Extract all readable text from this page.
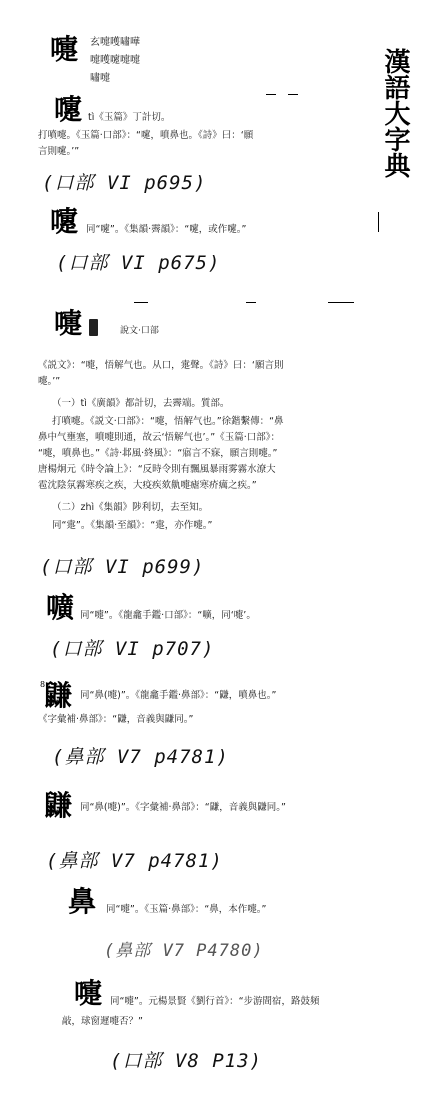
嚏 玄嚏嚄嘯嘩
嚏嚄嚔嚏嚏
嘯嚏	漢語大字典
嚔 tì《玉篇》丁計切。
打噴嚏。《玉篇·口部》：“嚔，噴鼻也。《詩》曰：‘願
言則嚔。’”
(口部 VI p695)
嚔 同“嚔”。《集韻·霽韻》：“嚔，或作嚔。”
(口部 VI p675)
嚏	說文·口部
《説文》：“嚏，悟解气也。从口，疐聲。《詩》曰：‘願言則
嚏。’”
（一）tì《廣韻》都計切，去霽端。質部。
打噴嚏。《説文·口部》：“嚏，悟解气也。”徐鍇繫傳：“鼻
鼻中气壅塞，噴嚏則通，故云‘悟解气也’。”《玉篇·口部》：
“嚏，噴鼻也。”《詩·邶風·終風》：“寤言不寐，願言則嚏。”
唐楊炯元《時令論上》：“反時令則有飄風暴雨雾霧水潦大
雹沈陰氛霧寒疾之疾，大疫疾欬鼽嚏瘧寒疥癘之疾。”
（二）zhì《集韻》陟利切，去至知。
同“疐”。《集韻·至韻》：“疐，亦作嚏。”
(口部 VI p699)
嚝 同“嚏”。《龍龕手鑑·口部》：“嚝，同‘嚏’。
(口部 VI p707)
8
鼸 同“鼻(嚏)”。《龍龕手鑑·鼻部》：“鼸，噴鼻也。”
《字彙補·鼻部》：“鼸，音義與鼸同。”
(鼻部 V7 p4781)
鼸 同“鼻(嚏)”。《字彙補·鼻部》：“鼸，音義與鼸同。”
(鼻部 V7 p4781)
鼻 同“嚏”。《玉篇·鼻部》：“鼻，本作嚏。”
(鼻部 V7 P4780)
嚏 同“嚏”。元楊景賢《劉行首》：“步游間宿，路鼓頻
敲，球窗遲嚏否？”
(口部 V8 P13)
